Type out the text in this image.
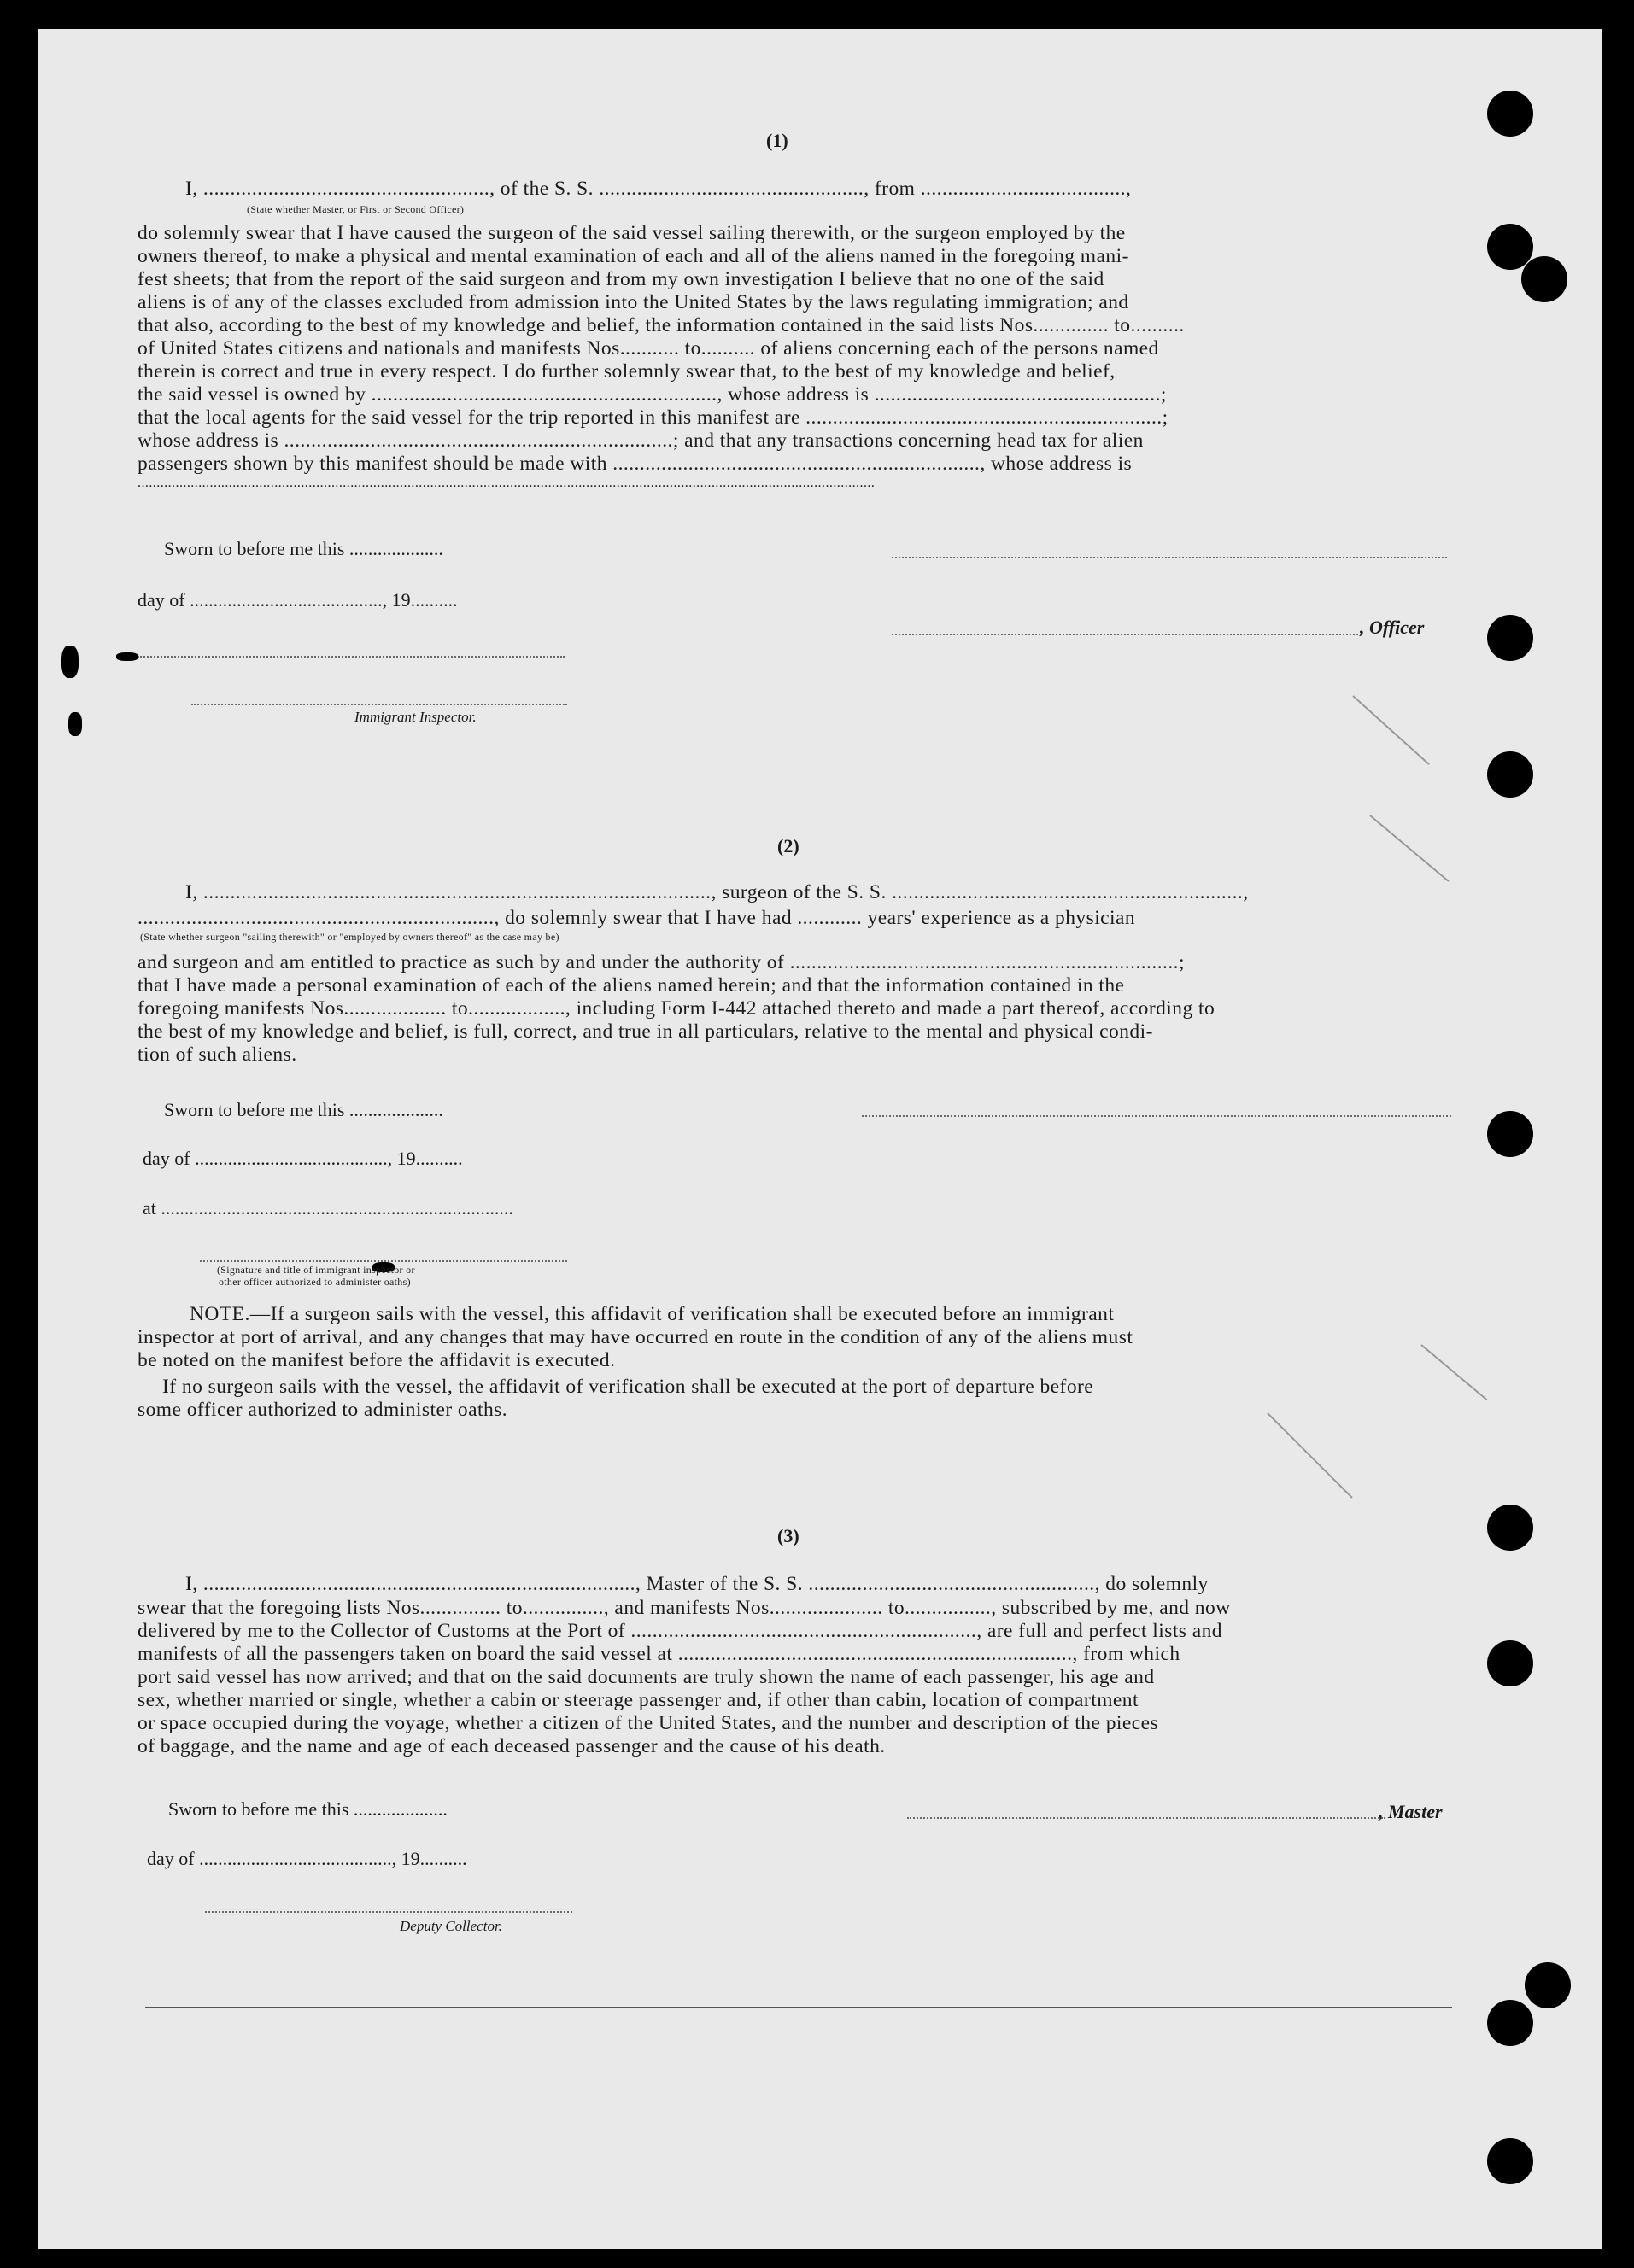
(1)
I, ....................................................., of the S. S. ................................................., from ......................................,
(State whether Master, or First or Second Officer)
do solemnly swear that I have caused the surgeon of the said vessel sailing therewith, or the surgeon employed by the
owners thereof, to make a physical and mental examination of each and all of the aliens named in the foregoing mani-
fest sheets; that from the report of the said surgeon and from my own investigation I believe that no one of the said
aliens is of any of the classes excluded from admission into the United States by the laws regulating immigration; and
that also, according to the best of my knowledge and belief, the information contained in the said lists Nos.............. to..........
of United States citizens and nationals and manifests Nos........... to.......... of aliens concerning each of the persons named
therein is correct and true in every respect. I do further solemnly swear that, to the best of my knowledge and belief,
the said vessel is owned by ................................................................, whose address is .....................................................;
that the local agents for the said vessel for the trip reported in this manifest are ..................................................................;
whose address is ........................................................................; and that any transactions concerning head tax for alien
passengers shown by this manifest should be made with ...................................................................., whose address is
..................................................................................................................................................................................................
Sworn to before me this ....................
day of ........................................., 19..........
, Officer
Immigrant Inspector.
(2)
I, .............................................................................................., surgeon of the S. S. .................................................................,
.................................................................., do solemnly swear that I have had ............ years' experience as a physician
(State whether surgeon "sailing therewith" or "employed by owners thereof" as the case may be)
and surgeon and am entitled to practice as such by and under the authority of ........................................................................;
that I have made a personal examination of each of the aliens named herein; and that the information contained in the
foregoing manifests Nos................... to.................., including Form I-442 attached thereto and made a part thereof, according to
the best of my knowledge and belief, is full, correct, and true in all particulars, relative to the mental and physical condi-
tion of such aliens.
Sworn to before me this ....................
day of ........................................., 19..........
at ...........................................................................
(Signature and title of immigrant inspector or
other officer authorized to administer oaths)
NOTE.—If a surgeon sails with the vessel, this affidavit of verification shall be executed before an immigrant
inspector at port of arrival, and any changes that may have occurred en route in the condition of any of the aliens must
be noted on the manifest before the affidavit is executed.
If no surgeon sails with the vessel, the affidavit of verification shall be executed at the port of departure before
some officer authorized to administer oaths.
(3)
I, ................................................................................, Master of the S. S. ....................................................., do solemnly
swear that the foregoing lists Nos............... to..............., and manifests Nos..................... to................, subscribed by me, and now
delivered by me to the Collector of Customs at the Port of ................................................................, are full and perfect lists and
manifests of all the passengers taken on board the said vessel at ........................................................................., from which
port said vessel has now arrived; and that on the said documents are truly shown the name of each passenger, his age and
sex, whether married or single, whether a cabin or steerage passenger and, if other than cabin, location of compartment
or space occupied during the voyage, whether a citizen of the United States, and the number and description of the pieces
of baggage, and the name and age of each deceased passenger and the cause of his death.
Sworn to before me this ....................	, Master
day of ........................................., 19..........
Deputy Collector.
